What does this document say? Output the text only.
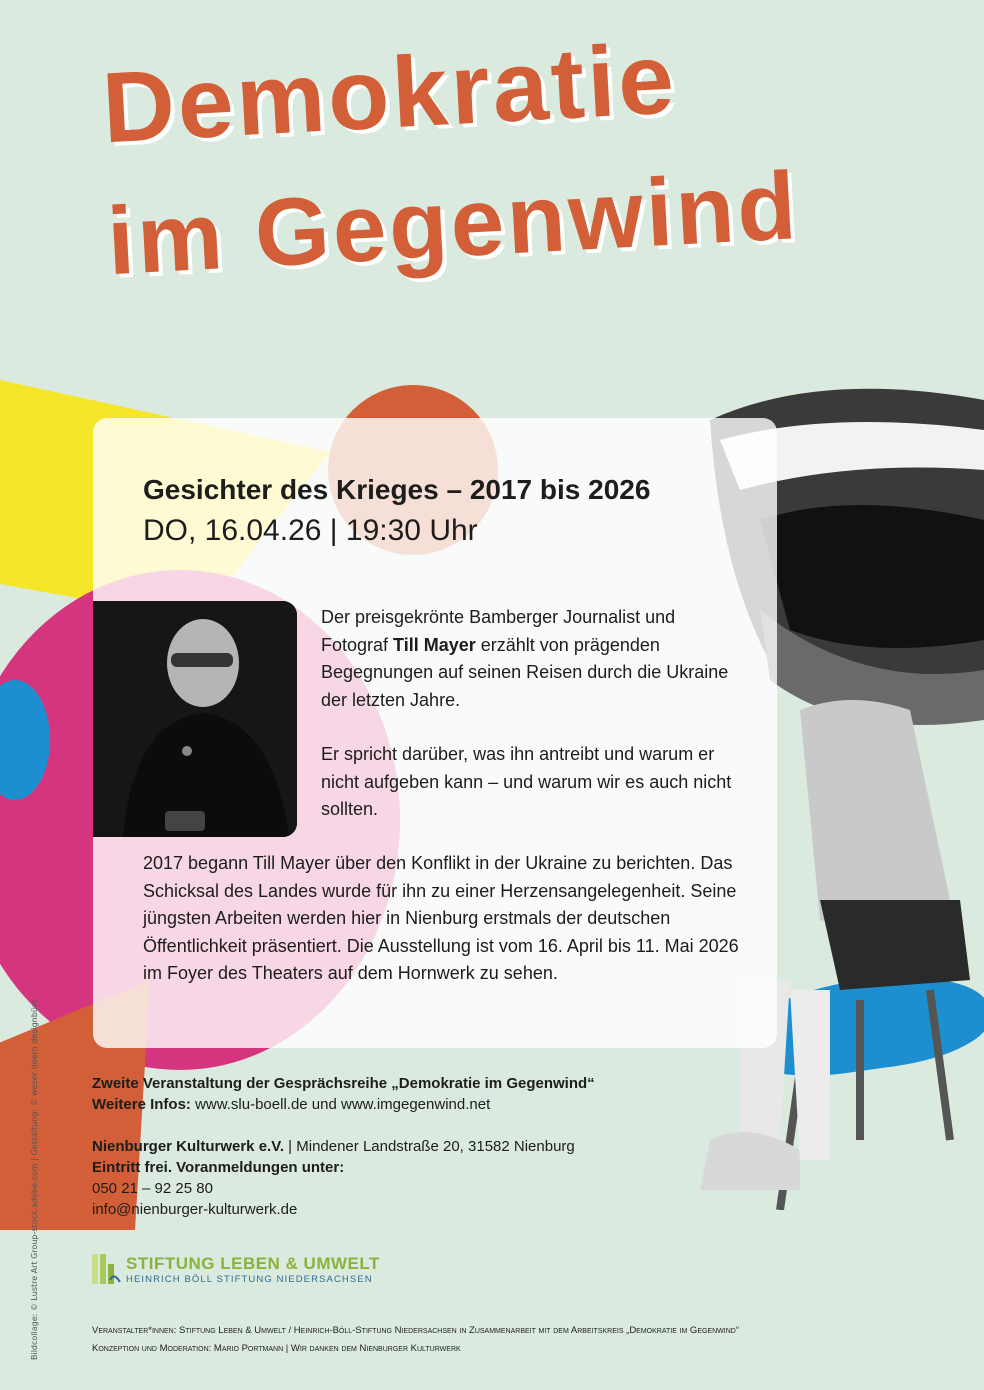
Demokratie
im Gegenwind
Gesichter des Krieges – 2017 bis 2026
DO, 16.04.26 | 19:30 Uhr

Der preisgekrönte Bamberger Journalist und Fotograf Till Mayer erzählt von prägenden Begegnungen auf seinen Reisen durch die Ukraine der letzten Jahre.

Er spricht darüber, was ihn antreibt und warum er nicht aufgeben kann – und warum wir es auch nicht sollten.

2017 begann Till Mayer über den Konflikt in der Ukraine zu berichten. Das Schicksal des Landes wurde für ihn zu einer Herzensangelegenheit. Seine jüngsten Arbeiten werden hier in Nienburg erstmals der deutschen Öffentlichkeit präsentiert. Die Ausstellung ist vom 16. April bis 11. Mai 2026 im Foyer des Theaters auf dem Hornwerk zu sehen.
Zweite Veranstaltung der Gesprächsreihe „Demokratie im Gegenwind“
Weitere Infos: www.slu-boell.de und www.imgegenwind.net
Nienburger Kulturwerk e.V. | Mindener Landstraße 20, 31582 Nienburg
Eintritt frei. Voranmeldungen unter:
050 21 – 92 25 80
info@nienburger-kulturwerk.de
STIFTUNG LEBEN & UMWELT
HEINRICH BÖLL STIFTUNG NIEDERSACHSEN
Veranstalter*innen: Stiftung Leben & Umwelt / Heinrich-Böll-Stiftung Niedersachsen in Zusammenarbeit mit dem Arbeitskreis „Demokratie im Gegenwind“
Konzeption und Moderation: Mario Portmann | Wir danken dem Nienburger Kulturwerk
Bildcollage: © Lustre Art Group-stock.adobe.com | Gestaltung: © weser deern designbüro
